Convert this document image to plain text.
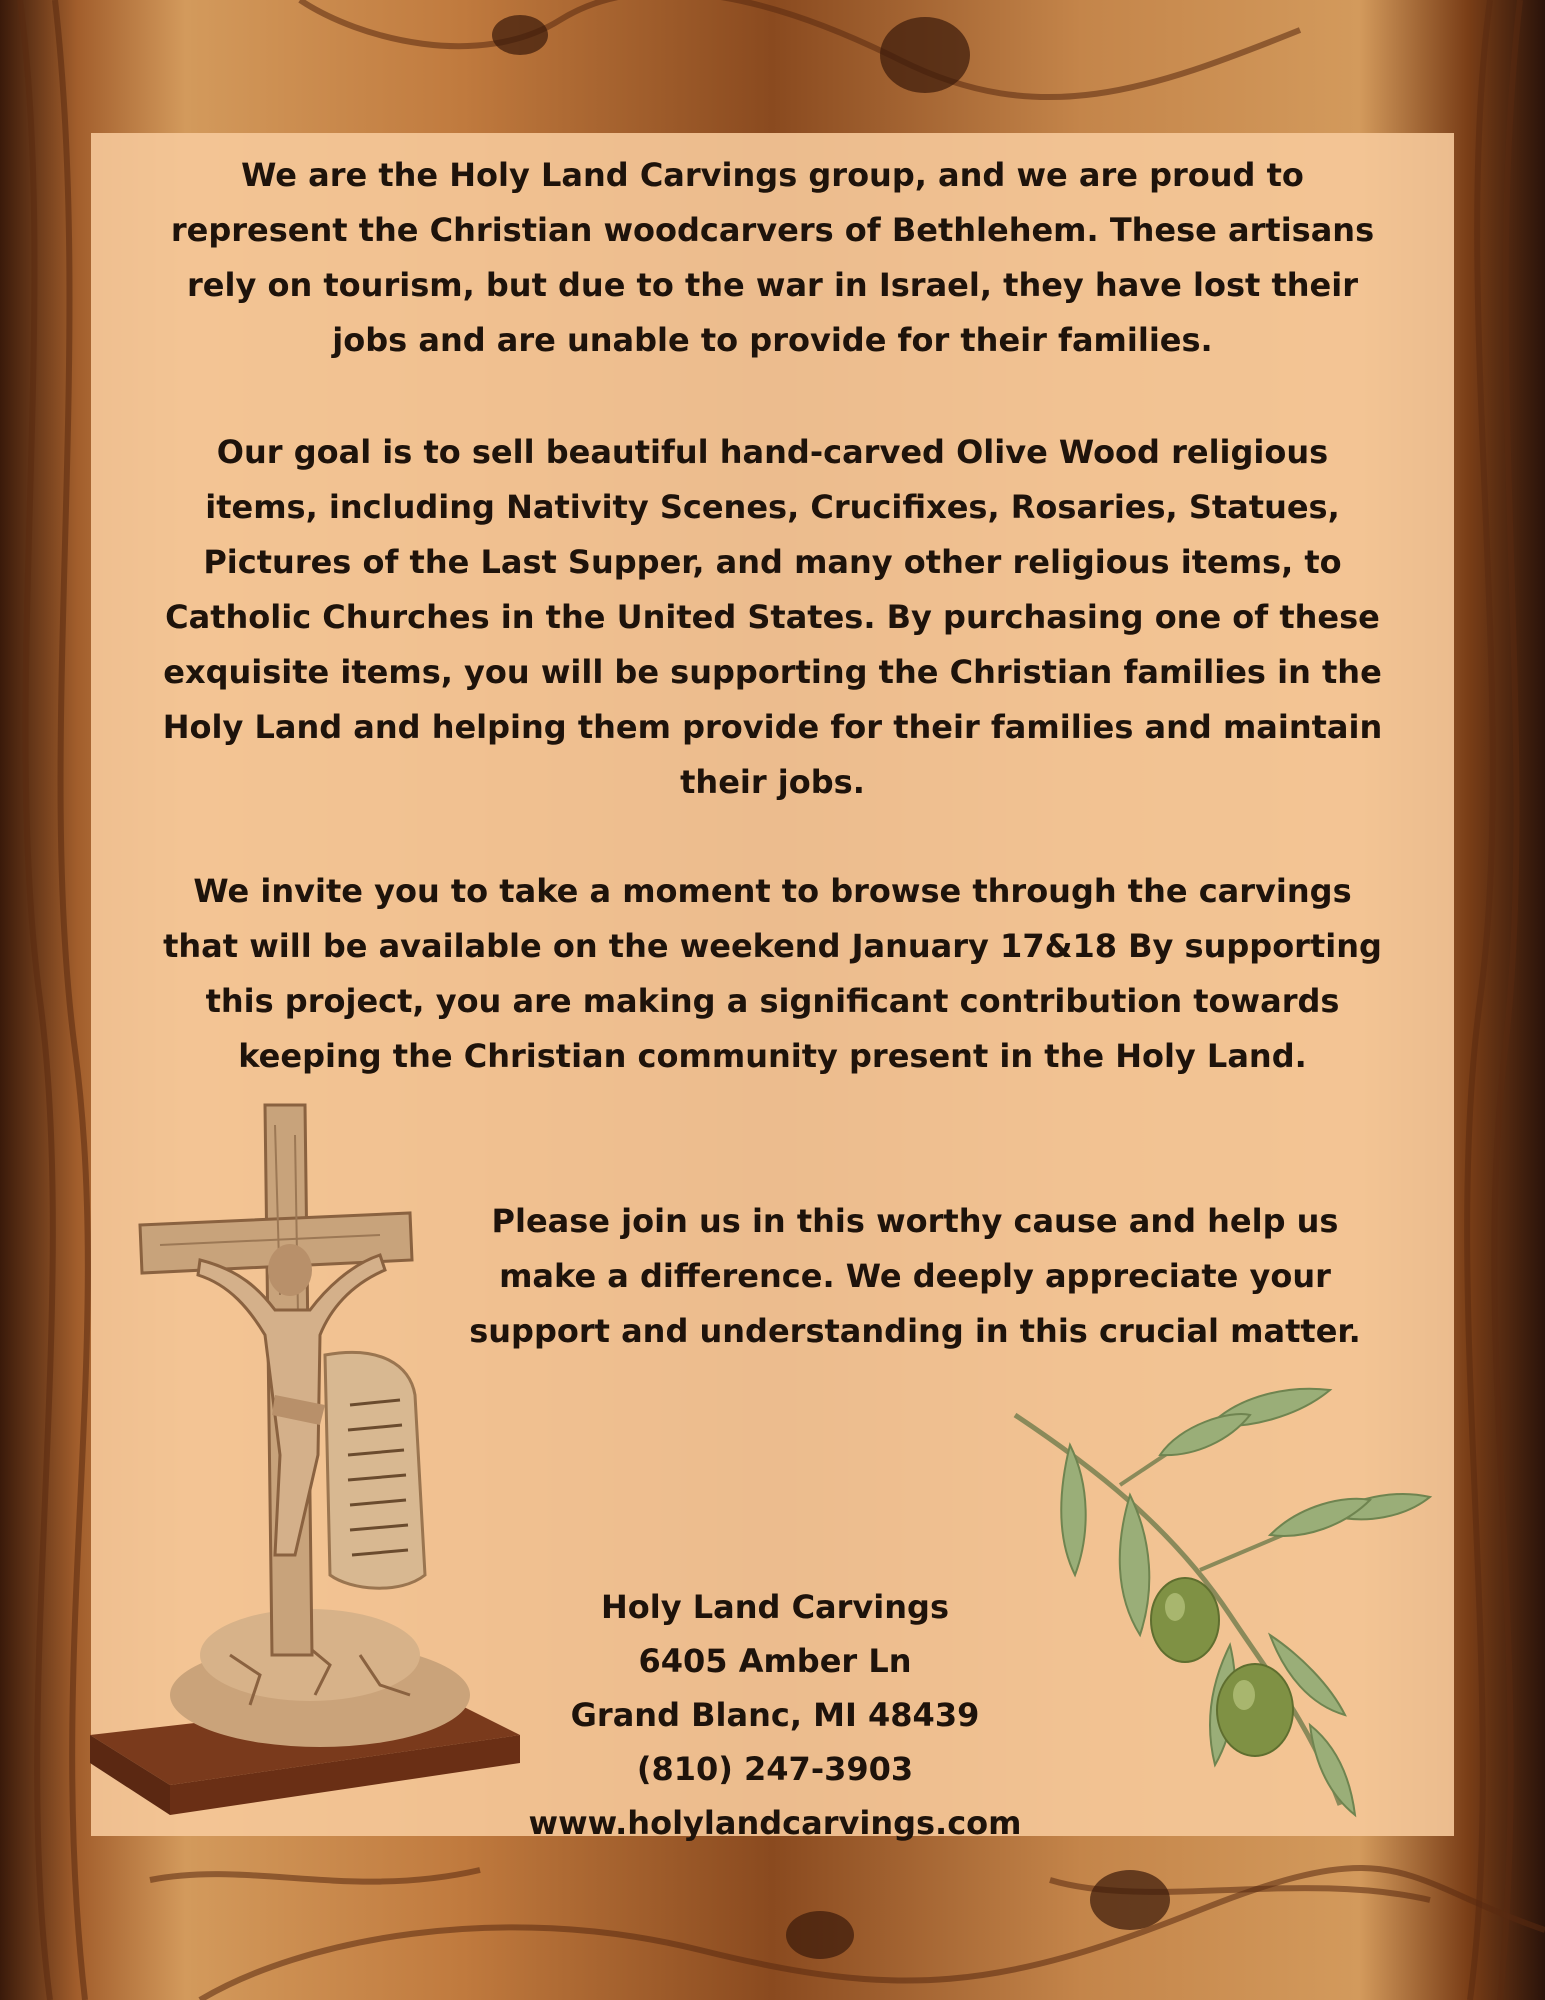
We are the Holy Land Carvings group, and we are proud to represent the Christian woodcarvers of Bethlehem. These artisans rely on tourism, but due to the war in Israel, they have lost their jobs and are unable to provide for their families.

Our goal is to sell beautiful hand-carved Olive Wood religious items, including Nativity Scenes, Crucifixes, Rosaries, Statues, Pictures of the Last Supper, and many other religious items, to Catholic Churches in the United States. By purchasing one of these exquisite items, you will be supporting the Christian families in the Holy Land and helping them provide for their families and maintain their jobs.

We invite you to take a moment to browse through the carvings that will be available on the weekend January 17&18 By supporting this project, you are making a significant contribution towards keeping the Christian community present in the Holy Land.

Please join us in this worthy cause and help us make a difference. We deeply appreciate your support and understanding in this crucial matter.

Holy Land Carvings
6405 Amber Ln
Grand Blanc, MI 48439
(810) 247-3903
www.holylandcarvings.com
